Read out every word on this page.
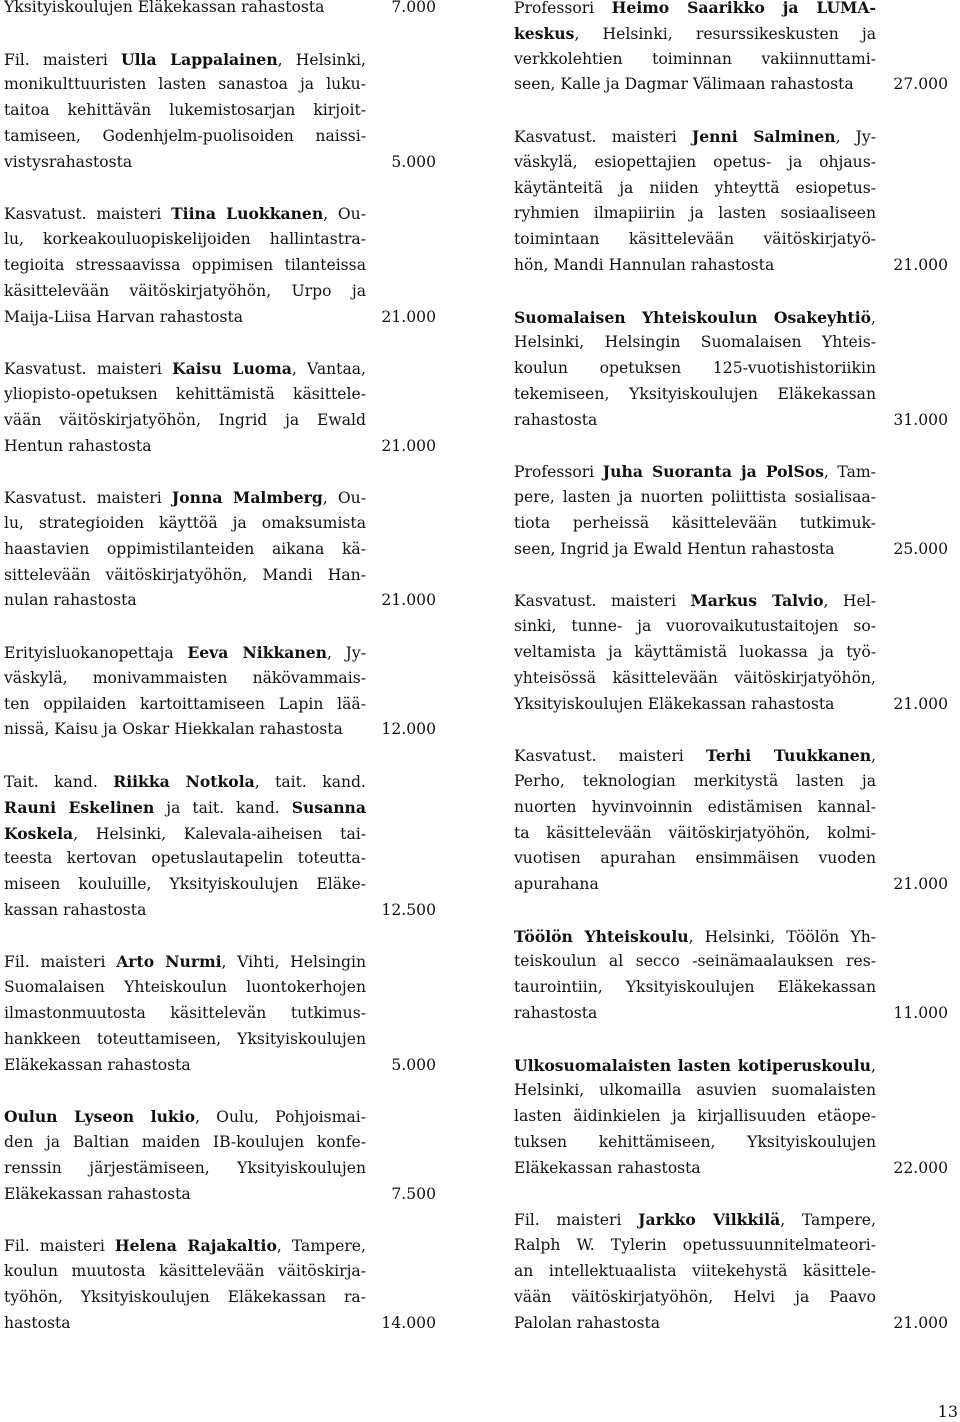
Yksityiskoulujen Eläkekassan rahastosta	7.000
Fil. maisteri Ulla Lappalainen, Helsinki,
monikulttuuristen lasten sanastoa ja luku-
taitoa kehittävän lukemistosarjan kirjoit-
tamiseen, Godenhjelm-puolisoiden naissi-
vistysrahastosta	5.000
Kasvatust. maisteri Tiina Luokkanen, Ou-
lu, korkeakouluopiskelijoiden hallintastra-
tegioita stressaavissa oppimisen tilanteissa
käsittelevään väitöskirjatyöhön, Urpo ja
Maija-Liisa Harvan rahastosta	21.000
Kasvatust. maisteri Kaisu Luoma, Vantaa,
yliopisto-opetuksen kehittämistä käsittele-
vään väitöskirjatyöhön, Ingrid ja Ewald
Hentun rahastosta	21.000
Kasvatust. maisteri Jonna Malmberg, Ou-
lu, strategioiden käyttöä ja omaksumista
haastavien oppimistilanteiden aikana kä-
sittelevään väitöskirjatyöhön, Mandi Han-
nulan rahastosta	21.000
Erityisluokanopettaja Eeva Nikkanen, Jy-
väskylä, monivammaisten näkövammais-
ten oppilaiden kartoittamiseen Lapin lää-
nissä, Kaisu ja Oskar Hiekkalan rahastosta	12.000
Tait. kand. Riikka Notkola, tait. kand.
Rauni Eskelinen ja tait. kand. Susanna
Koskela, Helsinki, Kalevala-aiheisen tai-
teesta kertovan opetuslautapelin toteutta-
miseen kouluille, Yksityiskoulujen Eläke-
kassan rahastosta	12.500
Fil. maisteri Arto Nurmi, Vihti, Helsingin
Suomalaisen Yhteiskoulun luontokerhojen
ilmastonmuutosta käsittelevän tutkimus-
hankkeen toteuttamiseen, Yksityiskoulujen
Eläkekassan rahastosta	5.000
Oulun Lyseon lukio, Oulu, Pohjoismai-
den ja Baltian maiden IB-koulujen konfe-
renssin järjestämiseen, Yksityiskoulujen
Eläkekassan rahastosta	7.500
Fil. maisteri Helena Rajakaltio, Tampere,
koulun muutosta käsittelevään väitöskirja-
työhön, Yksityiskoulujen Eläkekassan ra-
hastosta	14.000
Professori Heimo Saarikko ja LUMA-
keskus, Helsinki, resurssikeskusten ja
verkkolehtien toiminnan vakiinnuttami-
seen, Kalle ja Dagmar Välimaan rahastosta	27.000
Kasvatust. maisteri Jenni Salminen, Jy-
väskylä, esiopettajien opetus- ja ohjaus-
käytänteitä ja niiden yhteyttä esiopetus-
ryhmien ilmapiiriin ja lasten sosiaaliseen
toimintaan käsittelevään väitöskirjatyö-
hön, Mandi Hannulan rahastosta	21.000
Suomalaisen Yhteiskoulun Osakeyhtiö,
Helsinki, Helsingin Suomalaisen Yhteis-
koulun opetuksen 125-vuotishistoriikin
tekemiseen, Yksityiskoulujen Eläkekassan
rahastosta	31.000
Professori Juha Suoranta ja PolSos, Tam-
pere, lasten ja nuorten poliittista sosialisaa-
tiota perheissä käsittelevään tutkimuk-
seen, Ingrid ja Ewald Hentun rahastosta	25.000
Kasvatust. maisteri Markus Talvio, Hel-
sinki, tunne- ja vuorovaikutustaitojen so-
veltamista ja käyttämistä luokassa ja työ-
yhteisössä käsittelevään väitöskirjatyöhön,
Yksityiskoulujen Eläkekassan rahastosta	21.000
Kasvatust. maisteri Terhi Tuukkanen,
Perho, teknologian merkitystä lasten ja
nuorten hyvinvoinnin edistämisen kannal-
ta käsittelevään väitöskirjatyöhön, kolmi-
vuotisen apurahan ensimmäisen vuoden
apurahana	21.000
Töölön Yhteiskoulu, Helsinki, Töölön Yh-
teiskoulun al secco -seinämaalauksen res-
taurointiin, Yksityiskoulujen Eläkekassan
rahastosta	11.000
Ulkosuomalaisten lasten kotiperuskoulu,
Helsinki, ulkomailla asuvien suomalaisten
lasten äidinkielen ja kirjallisuuden etäope-
tuksen kehittämiseen, Yksityiskoulujen
Eläkekassan rahastosta	22.000
Fil. maisteri Jarkko Vilkkilä, Tampere,
Ralph W. Tylerin opetussuunnitelmateori-
an intellektuaalista viitekehystä käsittele-
vään väitöskirjatyöhön, Helvi ja Paavo
Palolan rahastosta	21.000
13
